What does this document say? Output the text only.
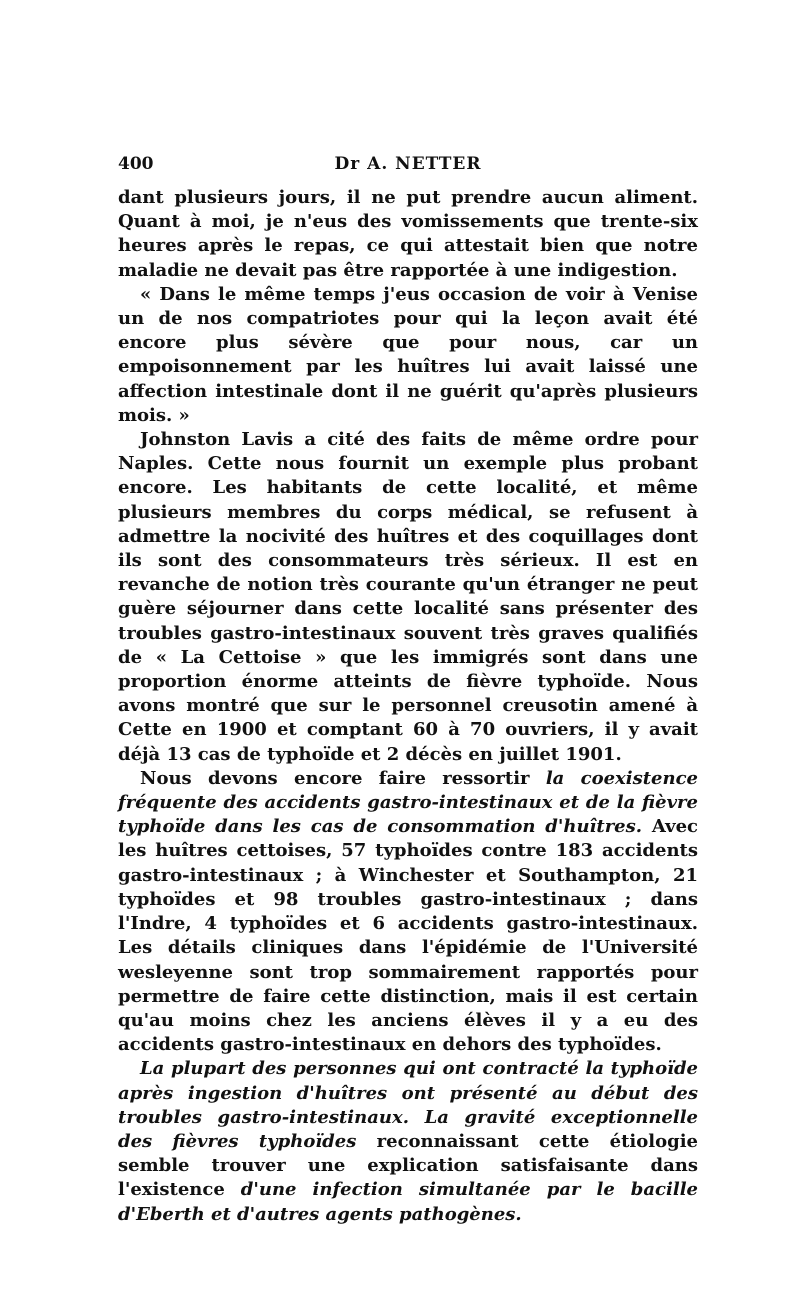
400	Dr A. NETTER

dant plusieurs jours, il ne put prendre aucun aliment. Quant à moi, je n'eus des vomissements que trente-six heures après le repas, ce qui attestait bien que notre maladie ne devait pas être rapportée à une indigestion.

« Dans le même temps j'eus occasion de voir à Venise un de nos compatriotes pour qui la leçon avait été encore plus sévère que pour nous, car un empoisonnement par les huîtres lui avait laissé une affection intestinale dont il ne guérit qu'après plusieurs mois. »

Johnston Lavis a cité des faits de même ordre pour Naples. Cette nous fournit un exemple plus probant encore. Les habitants de cette localité, et même plusieurs membres du corps médical, se refusent à admettre la nocivité des huîtres et des coquillages dont ils sont des consommateurs très sérieux. Il est en revanche de notion très courante qu'un étranger ne peut guère séjourner dans cette localité sans présenter des troubles gastro-intestinaux souvent très graves qualifiés de « La Cettoise » que les immigrés sont dans une proportion énorme atteints de fièvre typhoïde. Nous avons montré que sur le personnel creusotin amené à Cette en 1900 et comptant 60 à 70 ouvriers, il y avait déjà 13 cas de typhoïde et 2 décès en juillet 1901.

Nous devons encore faire ressortir la coexistence fréquente des accidents gastro-intestinaux et de la fièvre typhoïde dans les cas de consommation d'huîtres. Avec les huîtres cettoises, 57 typhoïdes contre 183 accidents gastro-intestinaux ; à Winchester et Southampton, 21 typhoïdes et 98 troubles gastro-intestinaux ; dans l'Indre, 4 typhoïdes et 6 accidents gastro-intestinaux. Les détails cliniques dans l'épidémie de l'Université wesleyenne sont trop sommairement rapportés pour permettre de faire cette distinction, mais il est certain qu'au moins chez les anciens élèves il y a eu des accidents gastro-intestinaux en dehors des typhoïdes.

La plupart des personnes qui ont contracté la typhoïde après ingestion d'huîtres ont présenté au début des troubles gastro-intestinaux. La gravité exceptionnelle des fièvres typhoïdes reconnaissant cette étiologie semble trouver une explication satisfaisante dans l'existence d'une infection simultanée par le bacille d'Eberth et d'autres agents pathogènes.
